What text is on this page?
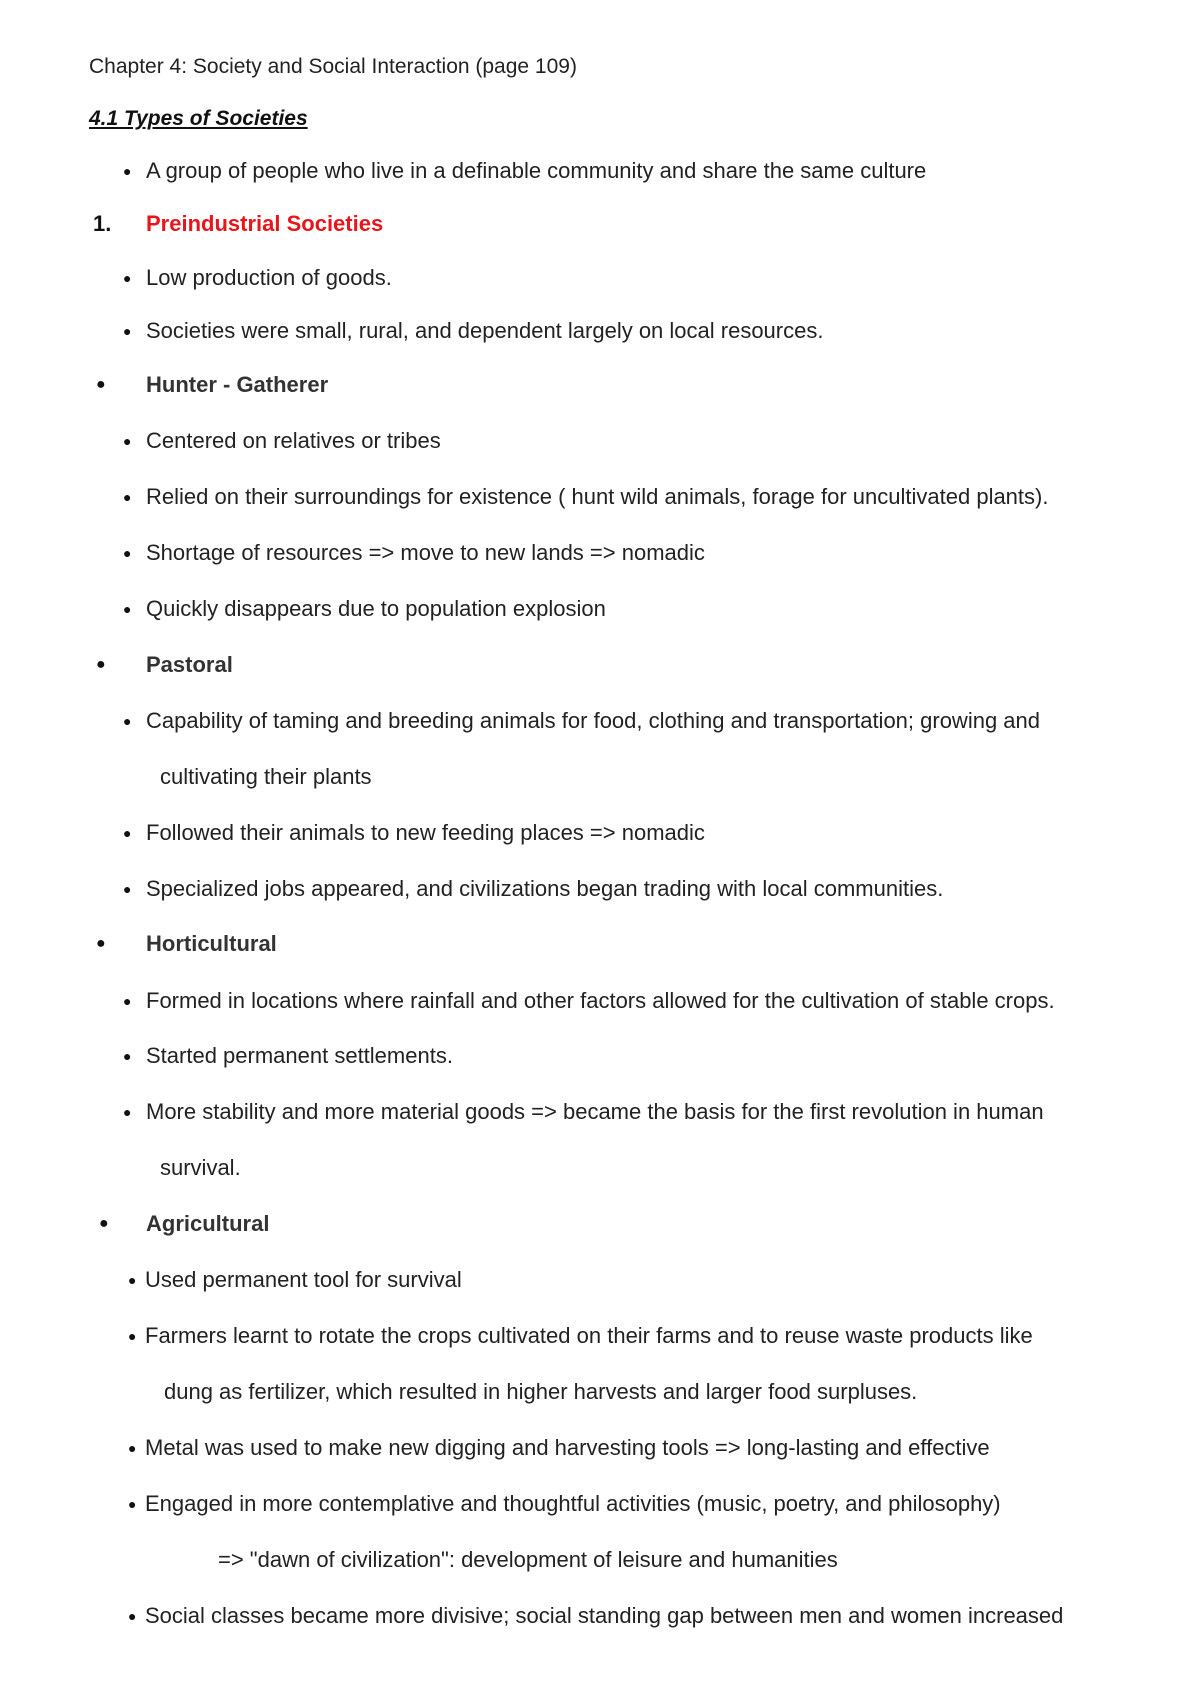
Chapter 4: Society and Social Interaction (page 109)
4.1 Types of Societies
● A group of people who live in a definable community and share the same culture
1. Preindustrial Societies
● Low production of goods.
● Societies were small, rural, and dependent largely on local resources.
● Hunter - Gatherer
● Centered on relatives or tribes
● Relied on their surroundings for existence ( hunt wild animals, forage for uncultivated plants).
● Shortage of resources => move to new lands => nomadic
● Quickly disappears due to population explosion
● Pastoral
● Capability of taming and breeding animals for food, clothing and transportation; growing and
cultivating their plants
● Followed their animals to new feeding places => nomadic
● Specialized jobs appeared, and civilizations began trading with local communities.
● Horticultural
● Formed in locations where rainfall and other factors allowed for the cultivation of stable crops.
● Started permanent settlements.
● More stability and more material goods => became the basis for the first revolution in human
survival.
● Agricultural
● Used permanent tool for survival
● Farmers learnt to rotate the crops cultivated on their farms and to reuse waste products like
dung as fertilizer, which resulted in higher harvests and larger food surpluses.
● Metal was used to make new digging and harvesting tools => long-lasting and effective
● Engaged in more contemplative and thoughtful activities (music, poetry, and philosophy)
=> "dawn of civilization": development of leisure and humanities
● Social classes became more divisive; social standing gap between men and women increased
